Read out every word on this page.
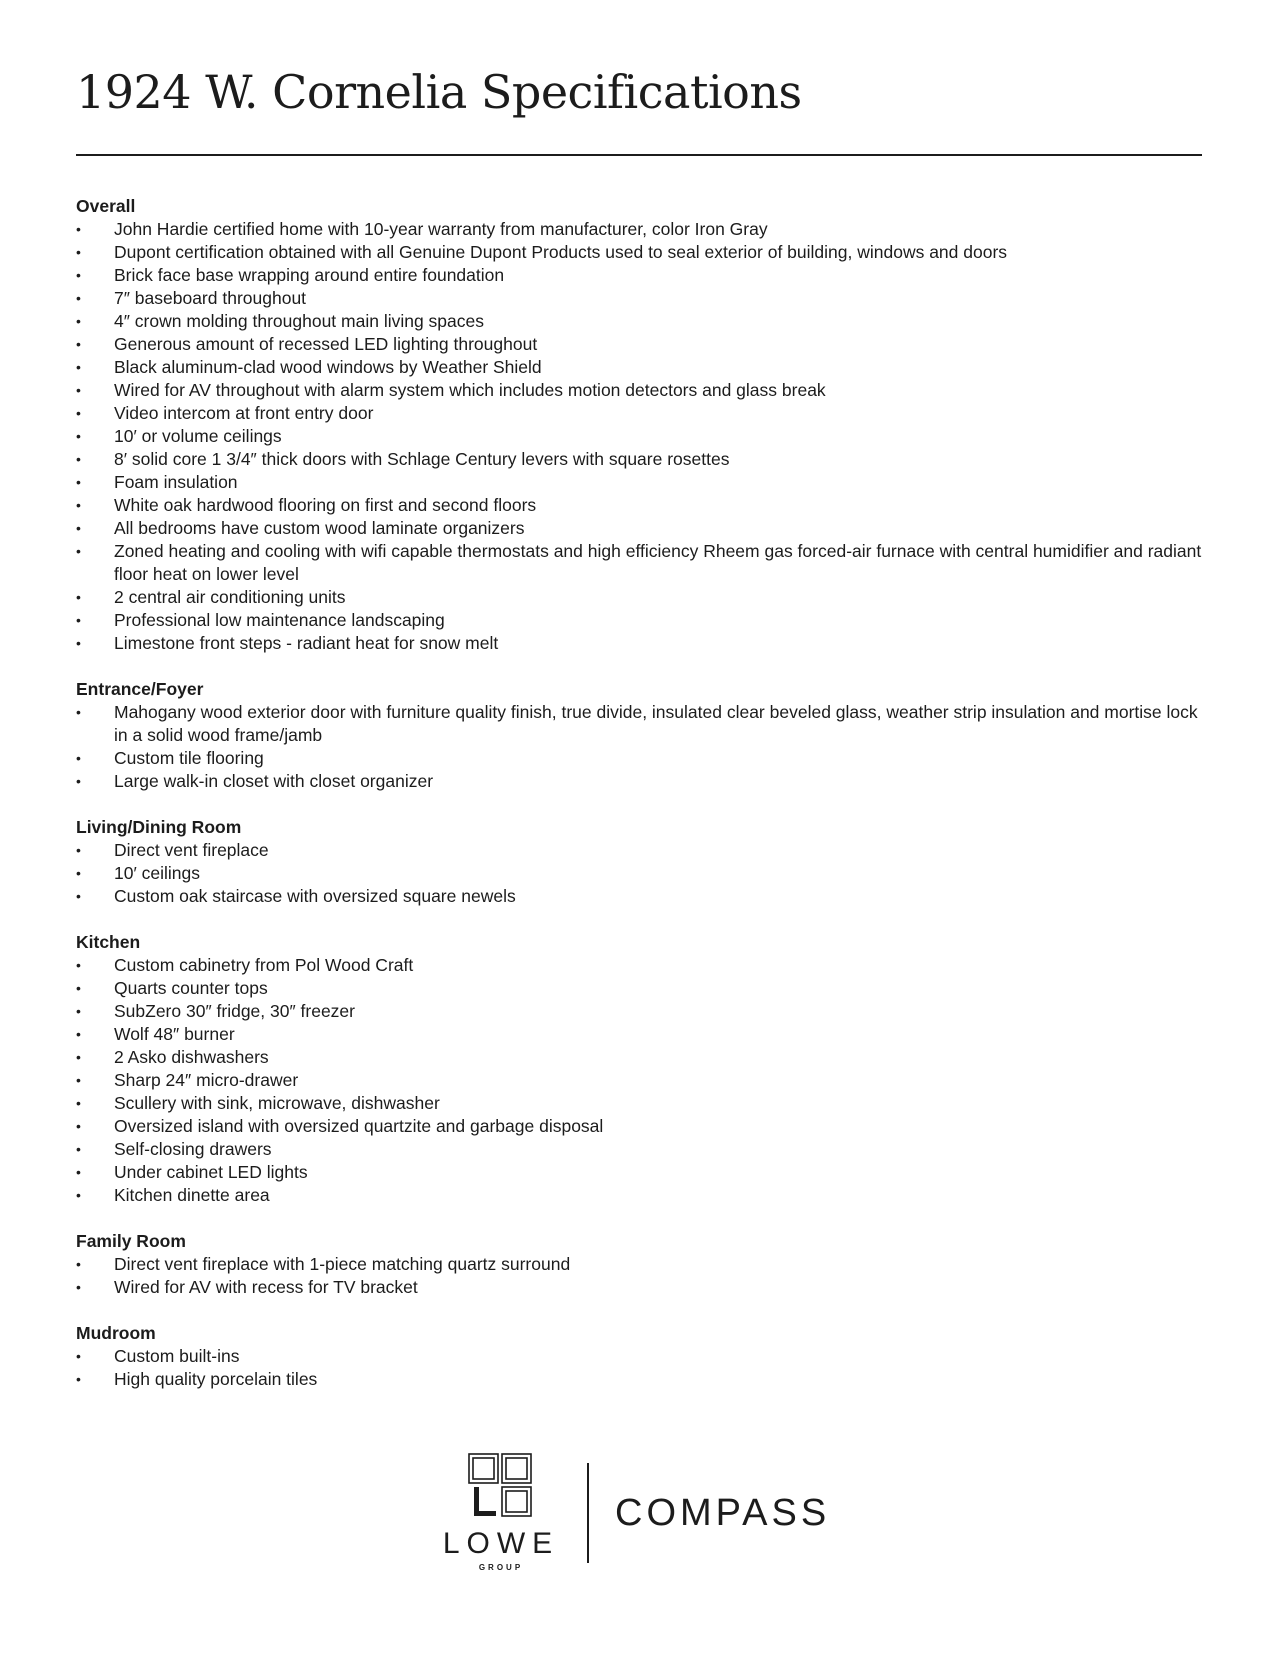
1924 W. Cornelia Specifications
Overall
• John Hardie certified home with 10-year warranty from manufacturer, color Iron Gray
• Dupont certification obtained with all Genuine Dupont Products used to seal exterior of building, windows and doors
• Brick face base wrapping around entire foundation
• 7″ baseboard throughout
• 4″ crown molding throughout main living spaces
• Generous amount of recessed LED lighting throughout
• Black aluminum-clad wood windows by Weather Shield
• Wired for AV throughout with alarm system which includes motion detectors and glass break
• Video intercom at front entry door
• 10′ or volume ceilings
• 8′ solid core 1 3/4″ thick doors with Schlage Century levers with square rosettes
• Foam insulation
• White oak hardwood flooring on first and second floors
• All bedrooms have custom wood laminate organizers
• Zoned heating and cooling with wifi capable thermostats and high efficiency Rheem gas forced-air furnace with central humidifier and radiant floor heat on lower level
• 2 central air conditioning units
• Professional low maintenance landscaping
• Limestone front steps - radiant heat for snow melt
Entrance/Foyer
• Mahogany wood exterior door with furniture quality finish, true divide, insulated clear beveled glass, weather strip insulation and mortise lock in a solid wood frame/jamb
• Custom tile flooring
• Large walk-in closet with closet organizer
Living/Dining Room
• Direct vent fireplace
• 10′ ceilings
• Custom oak staircase with oversized square newels
Kitchen
• Custom cabinetry from Pol Wood Craft
• Quarts counter tops
• SubZero 30″ fridge, 30″ freezer
• Wolf 48″ burner
• 2 Asko dishwashers
• Sharp 24″ micro-drawer
• Scullery with sink, microwave, dishwasher
• Oversized island with oversized quartzite and garbage disposal
• Self-closing drawers
• Under cabinet LED lights
• Kitchen dinette area
Family Room
• Direct vent fireplace with 1-piece matching quartz surround
• Wired for AV with recess for TV bracket
Mudroom
• Custom built-ins
• High quality porcelain tiles
LOWE
GROUP
COMPASS
